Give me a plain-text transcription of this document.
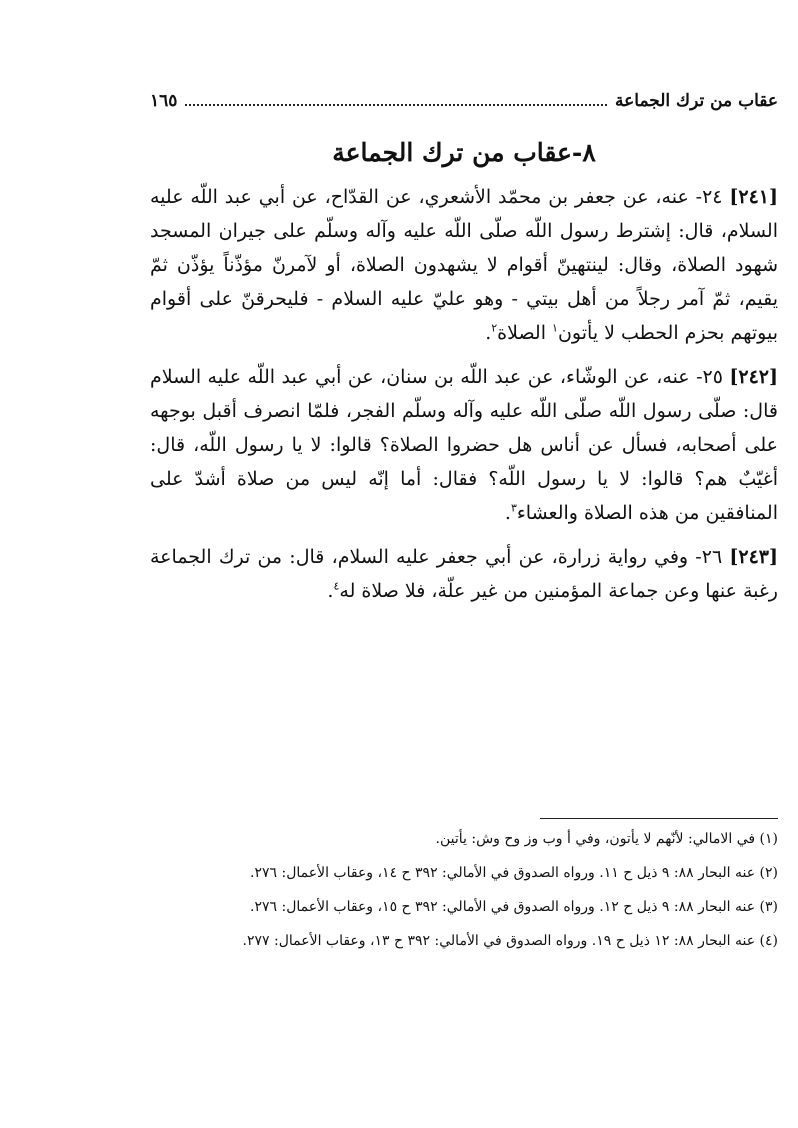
عقاب من ترك الجماعة
١٦٥
٨-عقاب من ترك الجماعة

[٢٤١] ٢٤- عنه، عن جعفر بن محمّد الأشعري، عن القدّاح، عن أبي عبد اللّه عليه السلام، قال: إشترط رسول اللّه صلّى اللّه عليه وآله وسلّم على جيران المسجد شهود الصلاة، وقال: لينتهينّ أقوام لا يشهدون الصلاة، أو لآمرنّ مؤذّناً يؤذّن ثمّ يقيم، ثمّ آمر رجلاً من أهل بيتي - وهو عليّ عليه السلام - فليحرقنّ على أقوام بيوتهم بحزم الحطب لا يأتون$^١$ الصلاة$^٢$.

[٢٤٢] ٢٥- عنه، عن الوشّاء، عن عبد اللّه بن سنان، عن أبي عبد اللّه عليه السلام قال: صلّى رسول اللّه صلّى اللّه عليه وآله وسلّم الفجر، فلمّا انصرف أقبل بوجهه على أصحابه، فسأل عن أناس هل حضروا الصلاة؟ قالوا: لا يا رسول اللّه، قال: أغيّبٌ هم؟ قالوا: لا يا رسول اللّه؟ فقال: أما إنّه ليس من صلاة أشدّ على المنافقين من هذه الصلاة والعشاء$^٣$.

[٢٤٣] ٢٦- وفي رواية زرارة، عن أبي جعفر عليه السلام، قال: من ترك الجماعة رغبة عنها وعن جماعة المؤمنين من غير علّة، فلا صلاة له$^٤$.

(١) في الامالي: لأنّهم لا يأتون، وفي أ وب وز وح وش: يأتين.

(٢) عنه البحار ٨٨: ٩ ذيل ح ١١. ورواه الصدوق في الأمالي: ٣٩٢ ح ١٤، وعقاب الأعمال: ٢٧٦.

(٣) عنه البحار ٨٨: ٩ ذيل ح ١٢. ورواه الصدوق في الأمالي: ٣٩٢ ح ١٥، وعقاب الأعمال: ٢٧٦.

(٤) عنه البحار ٨٨: ١٢ ذيل ح ١٩. ورواه الصدوق في الأمالي: ٣٩٢ ح ١٣، وعقاب الأعمال: ٢٧٧.
